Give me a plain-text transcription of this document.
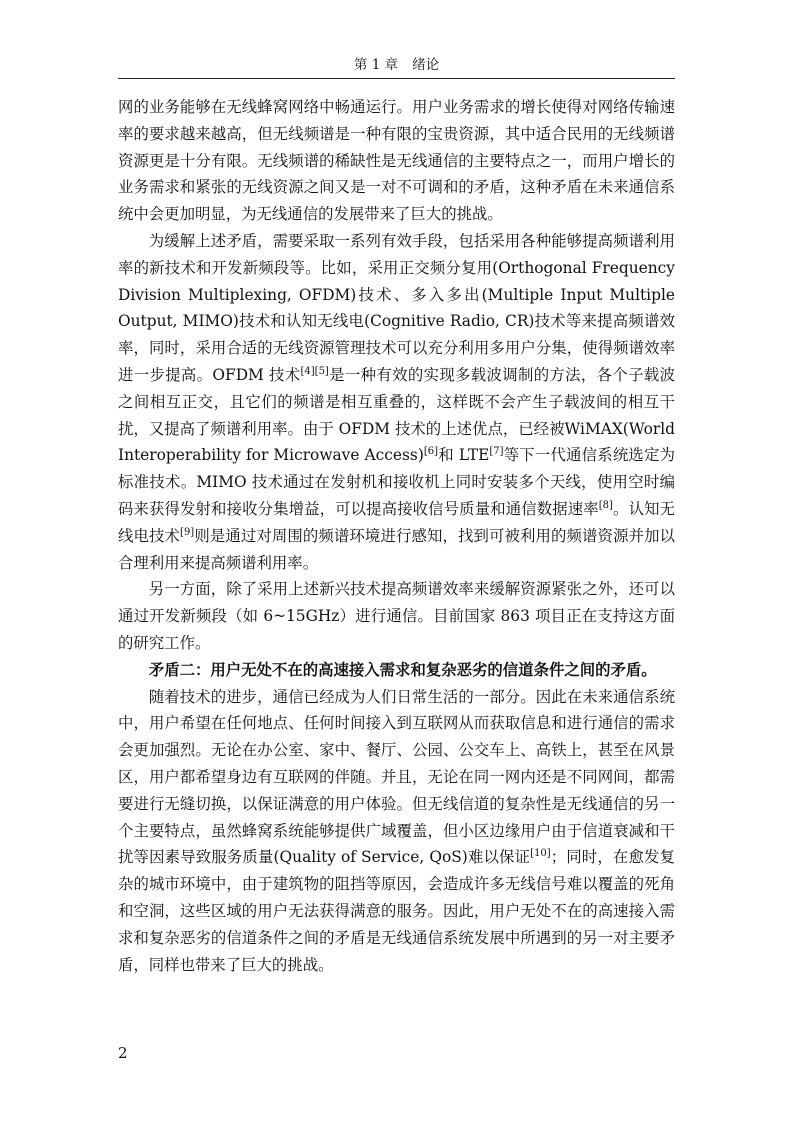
第 1 章 绪论

网的业务能够在无线蜂窝网络中畅通运行。用户业务需求的增长使得对网络传输速率的要求越来越高，但无线频谱是一种有限的宝贵资源，其中适合民用的无线频谱资源更是十分有限。无线频谱的稀缺性是无线通信的主要特点之一，而用户增长的业务需求和紧张的无线资源之间又是一对不可调和的矛盾，这种矛盾在未来通信系统中会更加明显，为无线通信的发展带来了巨大的挑战。

为缓解上述矛盾，需要采取一系列有效手段，包括采用各种能够提高频谱利用率的新技术和开发新频段等。比如，采用正交频分复用(Orthogonal Frequency Division Multiplexing, OFDM)技术、多入多出(Multiple Input Multiple Output, MIMO)技术和认知无线电(Cognitive Radio, CR)技术等来提高频谱效率，同时，采用合适的无线资源管理技术可以充分利用多用户分集，使得频谱效率进一步提高。OFDM 技术[4][5]是一种有效的实现多载波调制的方法，各个子载波之间相互正交，且它们的频谱是相互重叠的，这样既不会产生子载波间的相互干扰，又提高了频谱利用率。由于 OFDM 技术的上述优点，已经被WiMAX(World Interoperability for Microwave Access)[6]和 LTE[7]等下一代通信系统选定为标准技术。MIMO 技术通过在发射机和接收机上同时安装多个天线，使用空时编码来获得发射和接收分集增益，可以提高接收信号质量和通信数据速率[8]。认知无线电技术[9]则是通过对周围的频谱环境进行感知，找到可被利用的频谱资源并加以合理利用来提高频谱利用率。

另一方面，除了采用上述新兴技术提高频谱效率来缓解资源紧张之外，还可以通过开发新频段（如 6~15GHz）进行通信。目前国家 863 项目正在支持这方面的研究工作。

矛盾二：用户无处不在的高速接入需求和复杂恶劣的信道条件之间的矛盾。

随着技术的进步，通信已经成为人们日常生活的一部分。因此在未来通信系统中，用户希望在任何地点、任何时间接入到互联网从而获取信息和进行通信的需求会更加强烈。无论在办公室、家中、餐厅、公园、公交车上、高铁上，甚至在风景区，用户都希望身边有互联网的伴随。并且，无论在同一网内还是不同网间，都需要进行无缝切换，以保证满意的用户体验。但无线信道的复杂性是无线通信的另一个主要特点，虽然蜂窝系统能够提供广域覆盖，但小区边缘用户由于信道衰减和干扰等因素导致服务质量(Quality of Service, QoS)难以保证[10]；同时，在愈发复杂的城市环境中，由于建筑物的阻挡等原因，会造成许多无线信号难以覆盖的死角和空洞，这些区域的用户无法获得满意的服务。因此，用户无处不在的高速接入需求和复杂恶劣的信道条件之间的矛盾是无线通信系统发展中所遇到的另一对主要矛盾，同样也带来了巨大的挑战。

2
